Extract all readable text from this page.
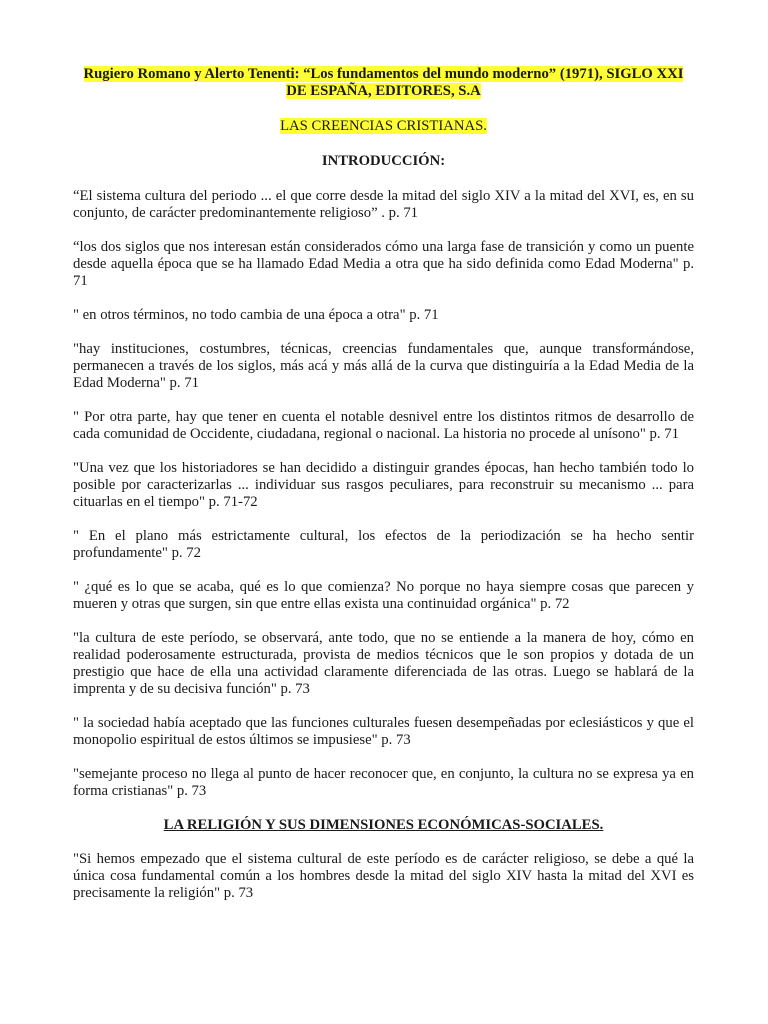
Rugiero Romano y Alerto Tenenti: “Los fundamentos del mundo moderno” (1971), SIGLO XXI DE ESPAÑA, EDITORES, S.A

LAS CREENCIAS CRISTIANAS.

INTRODUCCIÓN:

“El sistema cultura del periodo ... el que corre desde la mitad del siglo XIV a la mitad del XVI, es, en su conjunto, de carácter predominantemente religioso” . p. 71

“los dos siglos que nos interesan están considerados cómo una larga fase de transición y como un puente desde aquella época que se ha llamado Edad Media a otra que ha sido definida como Edad Moderna" p. 71

" en otros términos, no todo cambia de una época a otra" p. 71

"hay instituciones, costumbres, técnicas, creencias fundamentales que, aunque transformándose, permanecen a través de los siglos, más acá y más allá de la curva que distinguiría a la Edad Media de la Edad Moderna" p. 71

" Por otra parte, hay que tener en cuenta el notable desnivel entre los distintos ritmos de desarrollo de cada comunidad de Occidente, ciudadana, regional o nacional. La historia no procede al unísono" p. 71

"Una vez que los historiadores se han decidido a distinguir grandes épocas, han hecho también todo lo posible por caracterizarlas ... individuar sus rasgos peculiares, para reconstruir su mecanismo ... para cituarlas en el tiempo" p. 71-72

" En el plano más estrictamente cultural, los efectos de la periodización se ha hecho sentir profundamente" p. 72

" ¿qué es lo que se acaba, qué es lo que comienza? No porque no haya siempre cosas que parecen y mueren y otras que surgen, sin que entre ellas exista una continuidad orgánica" p. 72

"la cultura de este período, se observará, ante todo, que no se entiende a la manera de hoy, cómo en realidad poderosamente estructurada, provista de medios técnicos que le son propios y dotada de un prestigio que hace de ella una actividad claramente diferenciada de las otras. Luego se hablará de la imprenta y de su decisiva función" p. 73

" la sociedad había aceptado que las funciones culturales fuesen desempeñadas por eclesiásticos y que el monopolio espiritual de estos últimos se impusiese" p. 73

"semejante proceso no llega al punto de hacer reconocer que, en conjunto, la cultura no se expresa ya en forma cristianas" p. 73

LA RELIGIÓN Y SUS DIMENSIONES ECONÓMICAS-SOCIALES.

"Si hemos empezado que el sistema cultural de este período es de carácter religioso, se debe a qué la única cosa fundamental común a los hombres desde la mitad del siglo XIV hasta la mitad del XVI es precisamente la religión" p. 73
